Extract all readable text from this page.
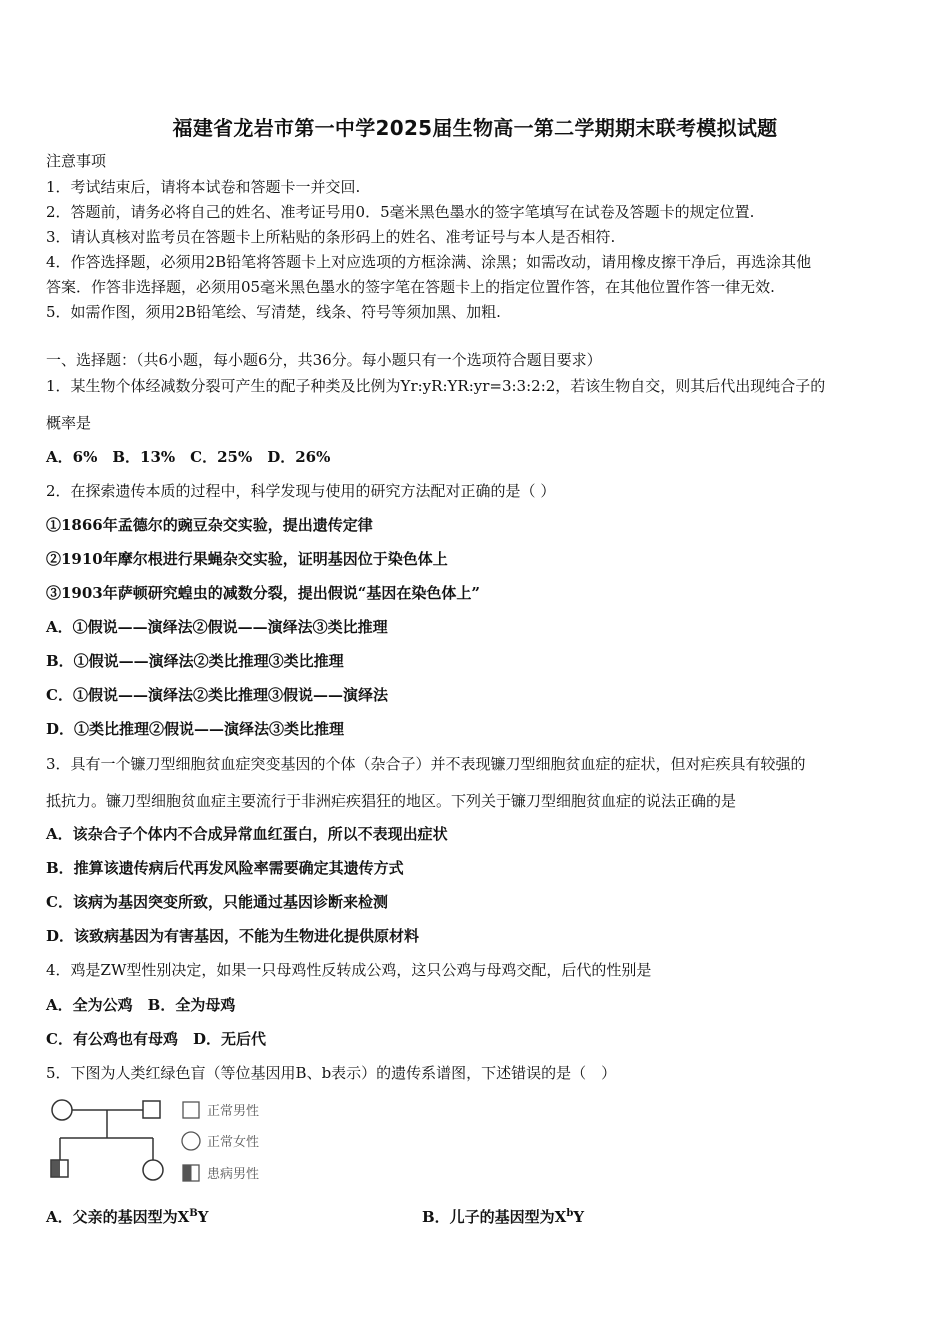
福建省龙岩市第一中学2025届生物高一第二学期期末联考模拟试题
注意事项
1．考试结束后，请将本试卷和答题卡一并交回.
2．答题前，请务必将自己的姓名、准考证号用0．5毫米黑色墨水的签字笔填写在试卷及答题卡的规定位置.
3．请认真核对监考员在答题卡上所粘贴的条形码上的姓名、准考证号与本人是否相符.
4．作答选择题，必须用2B铅笔将答题卡上对应选项的方框涂满、涂黑；如需改动，请用橡皮擦干净后，再选涂其他
答案．作答非选择题，必须用05毫米黑色墨水的签字笔在答题卡上的指定位置作答，在其他位置作答一律无效.
5．如需作图，须用2B铅笔绘、写清楚，线条、符号等须加黑、加粗.
一、选择题：（共6小题，每小题6分，共36分。每小题只有一个选项符合题目要求）
1．某生物个体经减数分裂可产生的配子种类及比例为Yr:yR:YR:yr=3:3:2:2，若该生物自交，则其后代出现纯合子的
概率是
A．6%　B．13%　C．25%　D．26%
2．在探索遗传本质的过程中，科学发现与使用的研究方法配对正确的是（ ）
①1866年孟德尔的豌豆杂交实验，提出遗传定律
②1910年摩尔根进行果蝇杂交实验，证明基因位于染色体上
③1903年萨顿研究蝗虫的减数分裂，提出假说“基因在染色体上”
A．①假说——演绎法②假说——演绎法③类比推理
B．①假说——演绎法②类比推理③类比推理
C．①假说——演绎法②类比推理③假说——演绎法
D．①类比推理②假说——演绎法③类比推理
3．具有一个镰刀型细胞贫血症突变基因的个体（杂合子）并不表现镰刀型细胞贫血症的症状，但对疟疾具有较强的
抵抗力。镰刀型细胞贫血症主要流行于非洲疟疾猖狂的地区。下列关于镰刀型细胞贫血症的说法正确的是
A．该杂合子个体内不合成异常血红蛋白，所以不表现出症状
B．推算该遗传病后代再发风险率需要确定其遗传方式
C．该病为基因突变所致，只能通过基因诊断来检测
D．该致病基因为有害基因，不能为生物进化提供原材料
4．鸡是ZW型性别决定，如果一只母鸡性反转成公鸡，这只公鸡与母鸡交配，后代的性别是
A．全为公鸡　B．全为母鸡
C．有公鸡也有母鸡　D．无后代
5．下图为人类红绿色盲（等位基因用B、b表示）的遗传系谱图，下述错误的是（　）
正常男性
正常女性
患病男性
A．父亲的基因型为$X^BY$	B．儿子的基因型为$X^bY$
